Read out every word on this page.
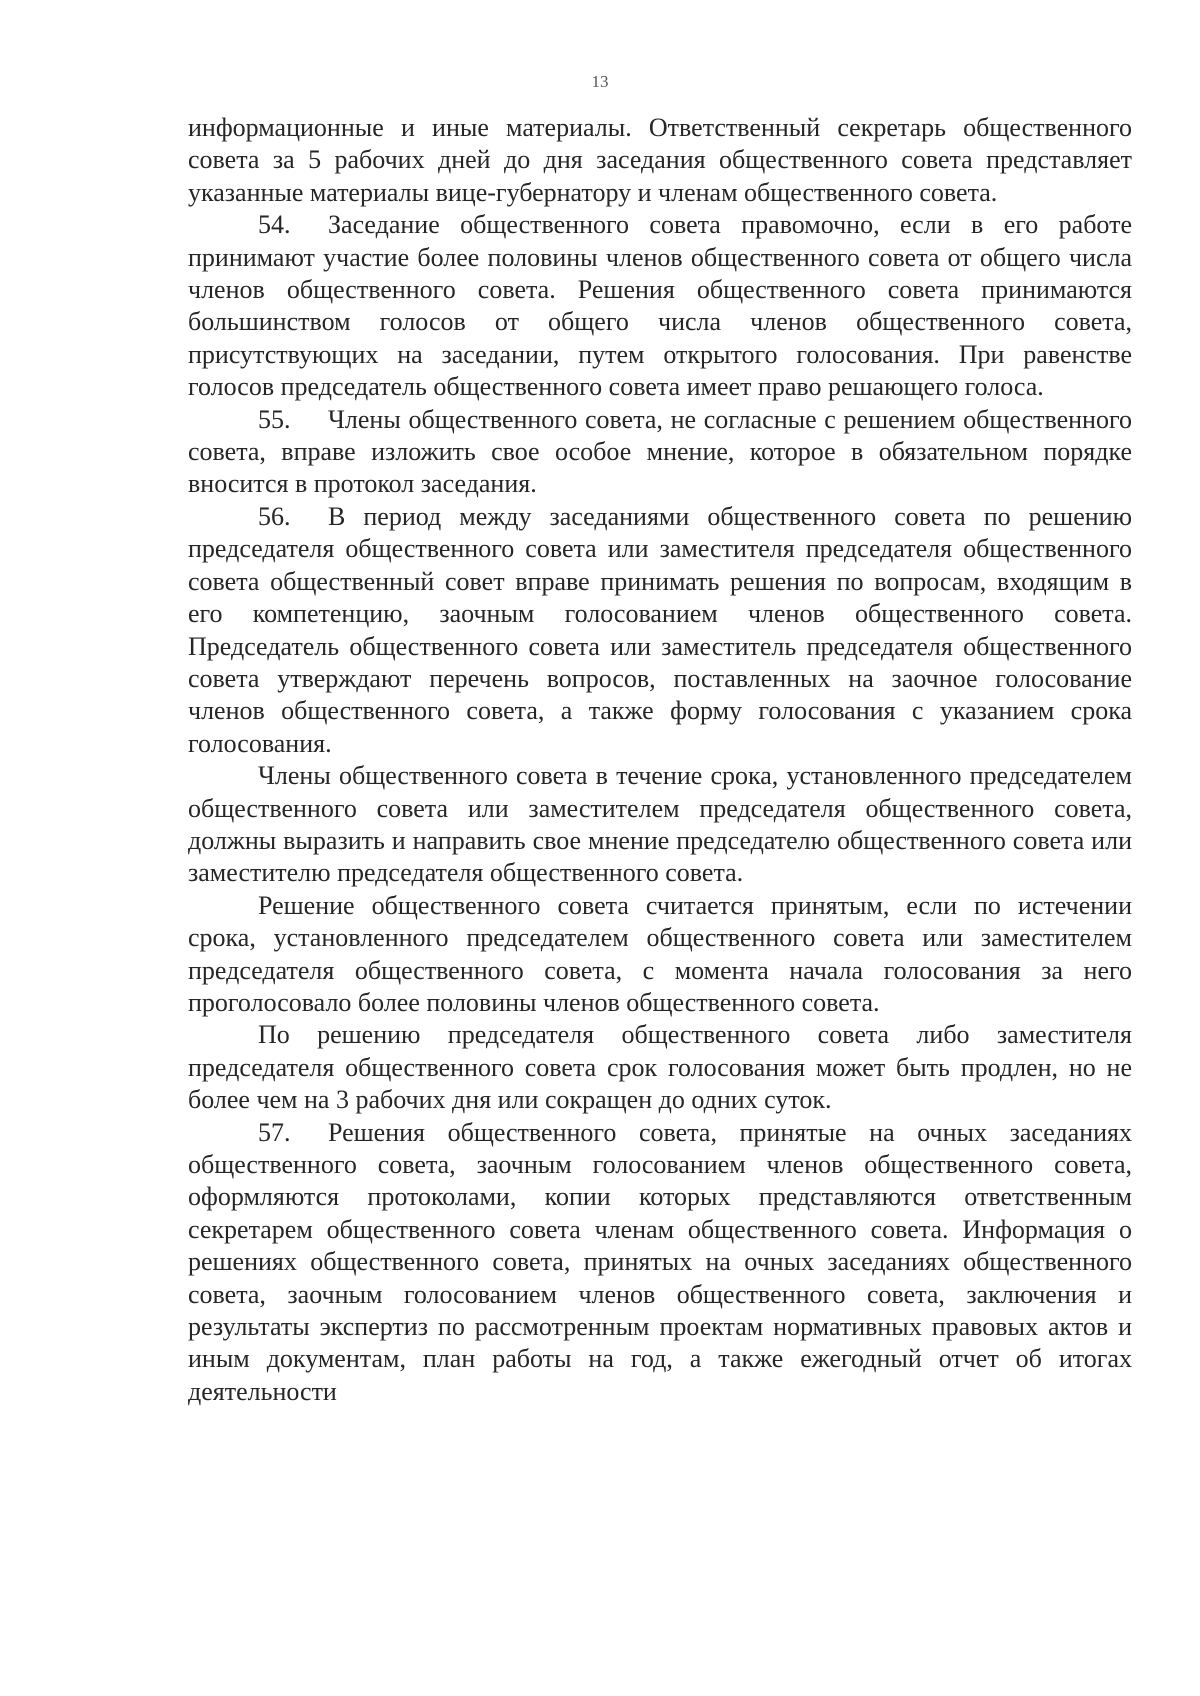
13

информационные и иные материалы. Ответственный секретарь общественного совета за 5 рабочих дней до дня заседания общественного совета представляет указанные материалы вице-губернатору и членам общественного совета.

54. Заседание общественного совета правомочно, если в его работе принимают участие более половины членов общественного совета от общего числа членов общественного совета. Решения общественного совета принимаются большинством голосов от общего числа членов общественного совета, присутствующих на заседании, путем открытого голосования. При равенстве голосов председатель общественного совета имеет право решающего голоса.

55. Члены общественного совета, не согласные с решением общественного совета, вправе изложить свое особое мнение, которое в обязательном порядке вносится в протокол заседания.

56. В период между заседаниями общественного совета по решению председателя общественного совета или заместителя председателя общественного совета общественный совет вправе принимать решения по вопросам, входящим в его компетенцию, заочным голосованием членов общественного совета. Председатель общественного совета или заместитель председателя общественного совета утверждают перечень вопросов, поставленных на заочное голосование членов общественного совета, а также форму голосования с указанием срока голосования.

Члены общественного совета в течение срока, установленного председателем общественного совета или заместителем председателя общественного совета, должны выразить и направить свое мнение председателю общественного совета или заместителю председателя общественного совета.

Решение общественного совета считается принятым, если по истечении срока, установленного председателем общественного совета или заместителем председателя общественного совета, с момента начала голосования за него проголосовало более половины членов общественного совета.

По решению председателя общественного совета либо заместителя председателя общественного совета срок голосования может быть продлен, но не более чем на 3 рабочих дня или сокращен до одних суток.

57. Решения общественного совета, принятые на очных заседаниях общественного совета, заочным голосованием членов общественного совета, оформляются протоколами, копии которых представляются ответственным секретарем общественного совета членам общественного совета. Информация о решениях общественного совета, принятых на очных заседаниях общественного совета, заочным голосованием членов общественного совета, заключения и результаты экспертиз по рассмотренным проектам нормативных правовых актов и иным документам, план работы на год, а также ежегодный отчет об итогах деятельности
